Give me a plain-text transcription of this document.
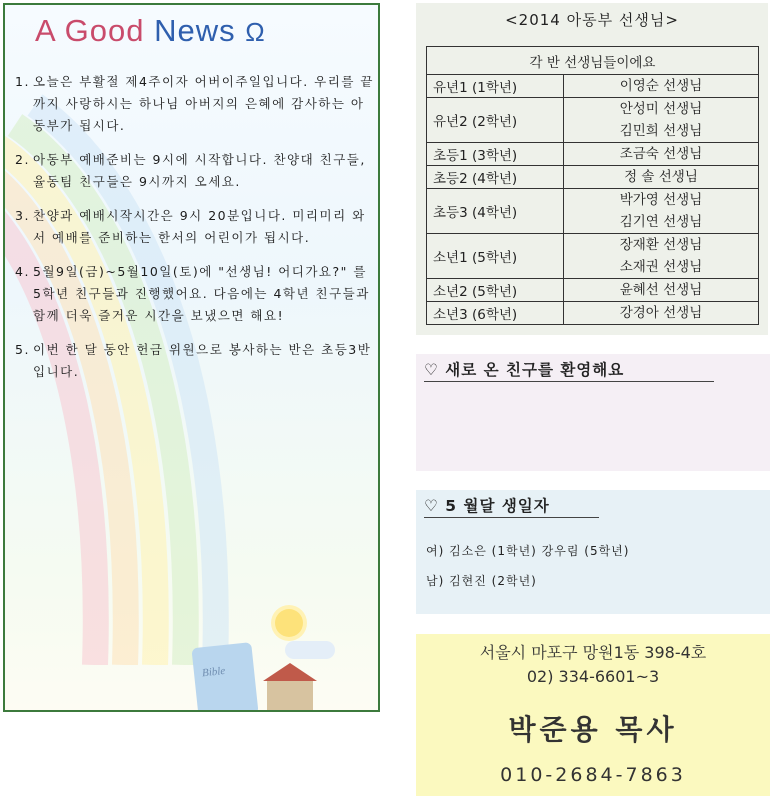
A Good News Ω
1. 오늘은 부활절 제4주이자 어버이주일입니다. 우리를 끝까지 사랑하시는 하나님 아버지의 은혜에 감사하는 아동부가 됩시다.
2. 아동부 예배준비는 9시에 시작합니다. 찬양대 친구들, 율동팀 친구들은 9시까지 오세요.
3. 찬양과 예배시작시간은 9시 20분입니다. 미리미리 와서 예배를 준비하는 한서의 어린이가 됩시다.
4. 5월9일(금)~5월10일(토)에 "선생님! 어디가요?" 를 5학년 친구들과 진행했어요. 다음에는 4학년 친구들과 함께 더욱 즐거운 시간을 보냈으면 해요!
5. 이번 한 달 동안 헌금 위원으로 봉사하는 반은 초등3반입니다.
Bible
<2014 아동부 선생님>
각 반 선생님들이에요	
유년1 (1학년)	이영순 선생님

유년2 (2학년)	안성미 선생님
김민희 선생님

초등1 (3학년)	조금숙 선생님

초등2 (4학년)	정 솔 선생님

초등3 (4학년)	박가영 선생님
김기연 선생님

소년1 (5학년)	장재환 선생님
소재권 선생님

소년2 (5학년)	윤혜선 선생님

소년3 (6학년)	강경아 선생님
♡ 새로 온 친구를 환영해요
♡ 5 월달 생일자
여) 김소은 (1학년) 강우림 (5학년)
남) 김현진 (2학년)
서울시 마포구 망원1동 398-4호
02) 334-6601~3
박준용 목사
010-2684-7863
